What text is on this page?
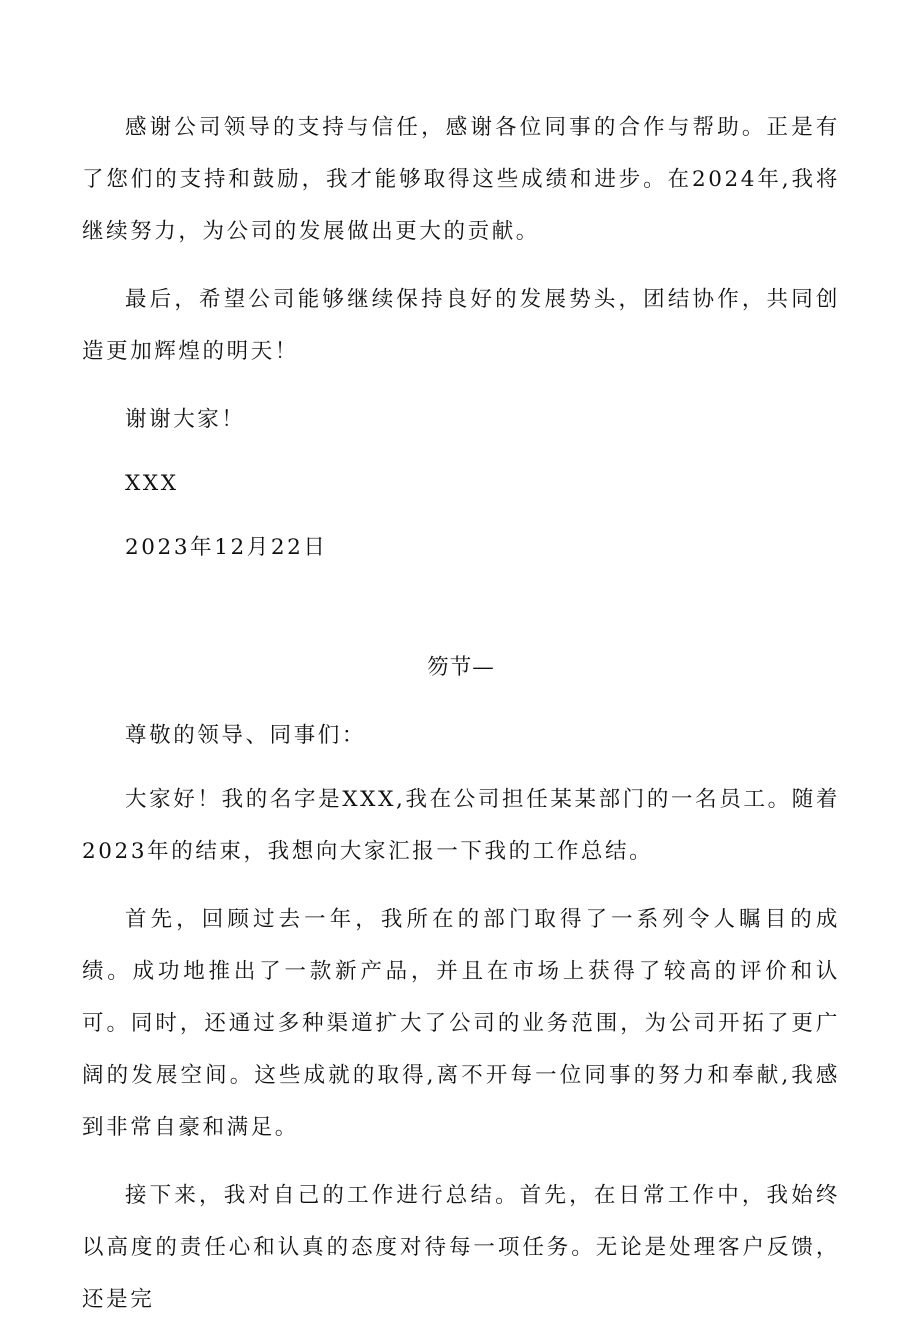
感谢公司领导的支持与信任，感谢各位同事的合作与帮助。正是有了您们的支持和鼓励，我才能够取得这些成绩和进步。在2024年,我将继续努力，为公司的发展做出更大的贡献。

最后，希望公司能够继续保持良好的发展势头，团结协作，共同创造更加辉煌的明天！

谢谢大家！

XXX

2023年12月22日

笏节—

尊敬的领导、同事们：

大家好！我的名字是XXX,我在公司担任某某部门的一名员工。随着2023年的结束，我想向大家汇报一下我的工作总结。

首先，回顾过去一年，我所在的部门取得了一系列令人瞩目的成绩。成功地推出了一款新产品，并且在市场上获得了较高的评价和认可。同时，还通过多种渠道扩大了公司的业务范围，为公司开拓了更广阔的发展空间。这些成就的取得,离不开每一位同事的努力和奉献,我感到非常自豪和满足。

接下来，我对自己的工作进行总结。首先，在日常工作中，我始终以高度的责任心和认真的态度对待每一项任务。无论是处理客户反馈，还是完
